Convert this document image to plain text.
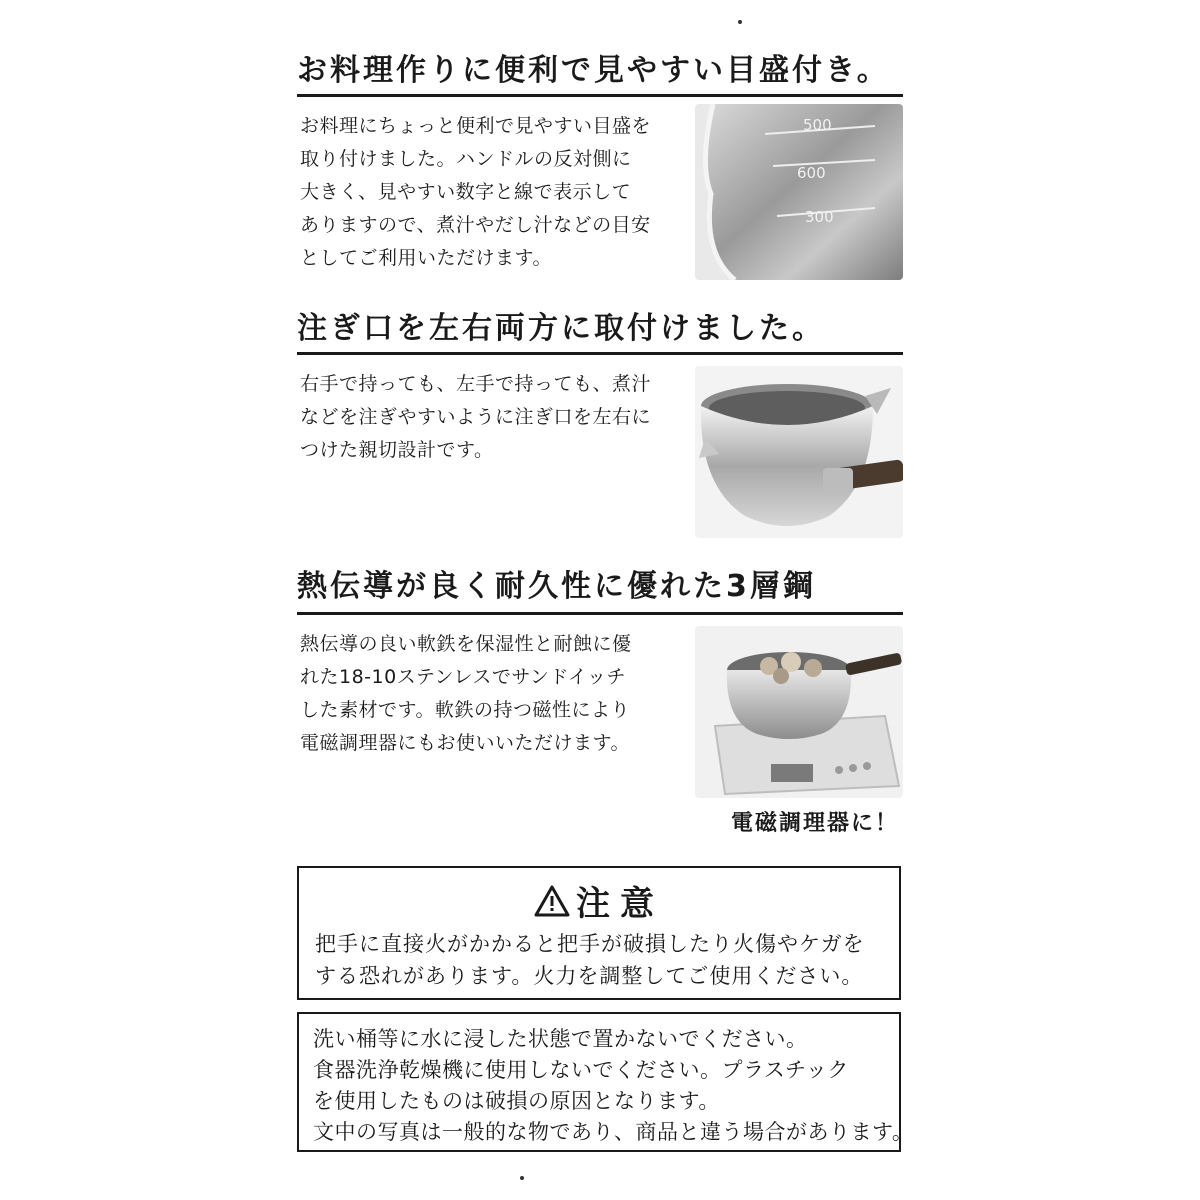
お料理作りに便利で見やすい目盛付き。
お料理にちょっと便利で見やすい目盛を
取り付けました。ハンドルの反対側に
大きく、見やすい数字と線で表示して
ありますので、煮汁やだし汁などの目安
としてご利用いただけます。
500
600
300
注ぎ口を左右両方に取付けました。
右手で持っても、左手で持っても、煮汁
などを注ぎやすいように注ぎ口を左右に
つけた親切設計です。
熱伝導が良く耐久性に優れた3層鋼
熱伝導の良い軟鉄を保湿性と耐蝕に優
れた18-10ステンレスでサンドイッチ
した素材です。軟鉄の持つ磁性により
電磁調理器にもお使いいただけます。
電磁調理器に！
注意
把手に直接火がかかると把手が破損したり火傷やケガを
する恐れがあります。火力を調整してご使用ください。
洗い桶等に水に浸した状態で置かないでください。
食器洗浄乾燥機に使用しないでください。プラスチック
を使用したものは破損の原因となります。
文中の写真は一般的な物であり、商品と違う場合があります。
